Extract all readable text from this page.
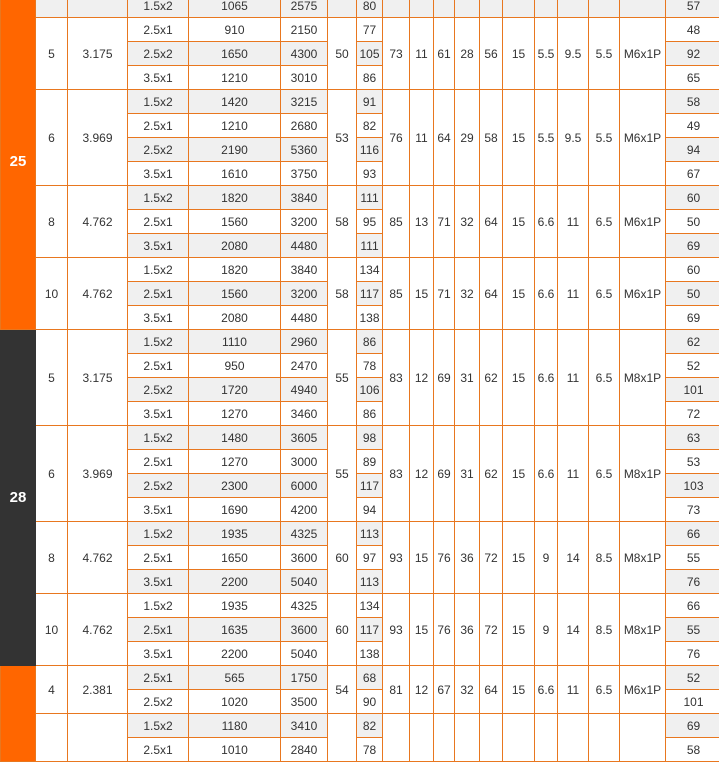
25			1.5x2	1065	2575		80											57
	5	3.175	2.5x1	910	2150	50	77	73	11	61	28	56	15	5.5	9.5	5.5	M6x1P	48
			2.5x2	1650	4300		105											92
			3.5x1	1210	3010		86											65
	6	3.969	1.5x2	1420	3215	53	91	76	11	64	29	58	15	5.5	9.5	5.5	M6x1P	58
			2.5x1	1210	2680		82											49
			2.5x2	2190	5360		116											94
			3.5x1	1610	3750		93											67
	8	4.762	1.5x2	1820	3840	58	111	85	13	71	32	64	15	6.6	11	6.5	M6x1P	60
			2.5x1	1560	3200		95											50
			3.5x1	2080	4480		111											69
	10	4.762	1.5x2	1820	3840	58	134	85	15	71	32	64	15	6.6	11	6.5	M6x1P	60
			2.5x1	1560	3200		117											50
			3.5x1	2080	4480		138											69
28	5	3.175	1.5x2	1110	2960	55	86	83	12	69	31	62	15	6.6	11	6.5	M8x1P	62
			2.5x1	950	2470		78											52
			2.5x2	1720	4940		106											101
			3.5x1	1270	3460		86											72
	6	3.969	1.5x2	1480	3605	55	98	83	12	69	31	62	15	6.6	11	6.5	M8x1P	63
			2.5x1	1270	3000		89											53
			2.5x2	2300	6000		117											103
			3.5x1	1690	4200		94											73
	8	4.762	1.5x2	1935	4325	60	113	93	15	76	36	72	15	9	14	8.5	M8x1P	66
			2.5x1	1650	3600		97											55
			3.5x1	2200	5040		113											76
	10	4.762	1.5x2	1935	4325	60	134	93	15	76	36	72	15	9	14	8.5	M8x1P	66
			2.5x1	1635	3600		117											55
			3.5x1	2200	5040		138											76
	4	2.381	2.5x1	565	1750	54	68	81	12	67	32	64	15	6.6	11	6.5	M6x1P	52
			2.5x2	1020	3500		90											101
			1.5x2	1180	3410		82											69
			2.5x1	1010	2840		78											58
